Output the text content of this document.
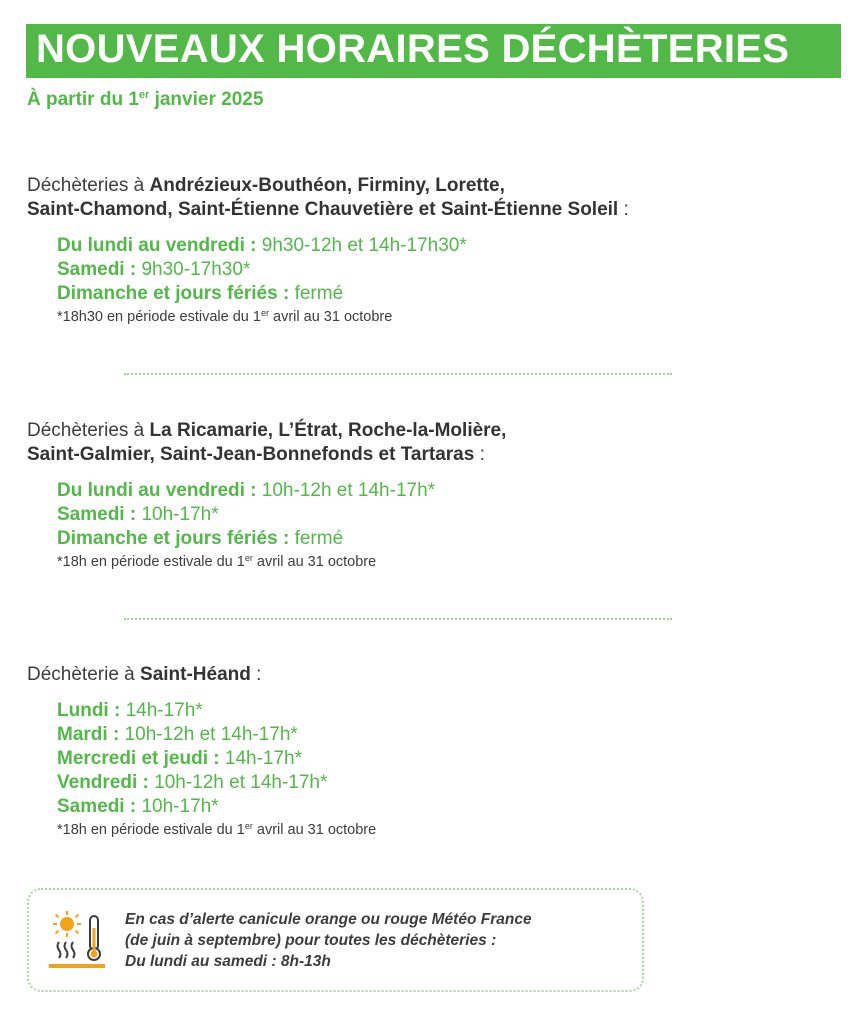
NOUVEAUX HORAIRES DÉCHÈTERIES
À partir du 1er janvier 2025

Déchèteries à Andrézieux-Bouthéon, Firminy, Lorette,
Saint-Chamond, Saint-Étienne Chauvetière et Saint-Étienne Soleil :

Du lundi au vendredi : 9h30-12h et 14h-17h30*
Samedi : 9h30-17h30*
Dimanche et jours fériés : fermé
*18h30 en période estivale du 1er avril au 31 octobre

Déchèteries à La Ricamarie, L’Étrat, Roche-la-Molière,
Saint-Galmier, Saint-Jean-Bonnefonds et Tartaras :

Du lundi au vendredi : 10h-12h et 14h-17h*
Samedi : 10h-17h*
Dimanche et jours fériés : fermé
*18h en période estivale du 1er avril au 31 octobre

Déchèterie à Saint-Héand :

Lundi : 14h-17h*
Mardi : 10h-12h et 14h-17h*
Mercredi et jeudi : 14h-17h*
Vendredi : 10h-12h et 14h-17h*
Samedi : 10h-17h*
*18h en période estivale du 1er avril au 31 octobre
En cas d’alerte canicule orange ou rouge Météo France
(de juin à septembre) pour toutes les déchèteries :
Du lundi au samedi : 8h-13h
